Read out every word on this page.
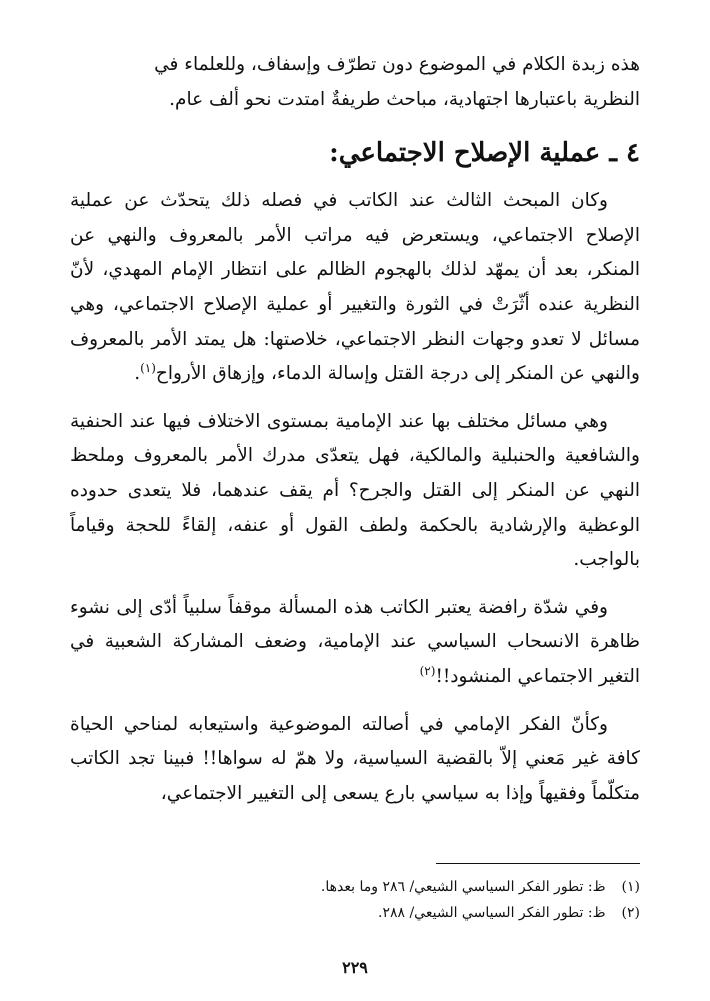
هذه زبدة الكلام في الموضوع دون تطرّف وإسفاف، وللعلماء في

النظرية باعتبارها اجتهادية، مباحث طريفةٌ امتدت نحو ألف عام.

٤ ـ عملية الإصلاح الاجتماعي:
وكان المبحث الثالث عند الكاتب في فصله ذلك يتحدّث عن عملية الإصلاح الاجتماعي، ويستعرض فيه مراتب الأمر بالمعروف والنهي عن المنكر، بعد أن يمهّد لذلك بالهجوم الظالم على انتظار الإمام المهدي، لأنّ النظرية عنده أثّرَتْ في الثورة والتغيير أو عملية الإصلاح الاجتماعي، وهي مسائل لا تعدو وجهات النظر الاجتماعي، خلاصتها: هل يمتد الأمر بالمعروف والنهي عن المنكر إلى درجة القتل وإسالة الدماء، وإزهاق الأرواح$^{(١)}$.
وهي مسائل مختلف بها عند الإمامية بمستوى الاختلاف فيها عند الحنفية والشافعية والحنبلية والمالكية، فهل يتعدّى مدرك الأمر بالمعروف وملحظ النهي عن المنكر إلى القتل والجرح؟ أم يقف عندهما، فلا يتعدى حدوده الوعظية والإرشادية بالحكمة ولطف القول أو عنفه، إلقاءً للحجة وقياماً بالواجب.
وفي شدّة رافضة يعتبر الكاتب هذه المسألة موقفاً سلبياً أدّى إلى نشوء ظاهرة الانسحاب السياسي عند الإمامية، وضعف المشاركة الشعبية في التغير الاجتماعي المنشود!!$^{(٢)}$
وكأنّ الفكر الإمامي في أصالته الموضوعية واستيعابه لمناحي الحياة كافة غير مَعني إلاّ بالقضية السياسية، ولا همّ له سواها!! فبينا تجد الكاتب متكلّماً وفقيهاً وإذا به سياسي بارع يسعى إلى التغيير الاجتماعي،
(١) ظ: تطور الفكر السياسي الشيعي/ ٢٨٦ وما بعدها.
(٢) ظ: تطور الفكر السياسي الشيعي/ ٢٨٨.
٢٢٩
